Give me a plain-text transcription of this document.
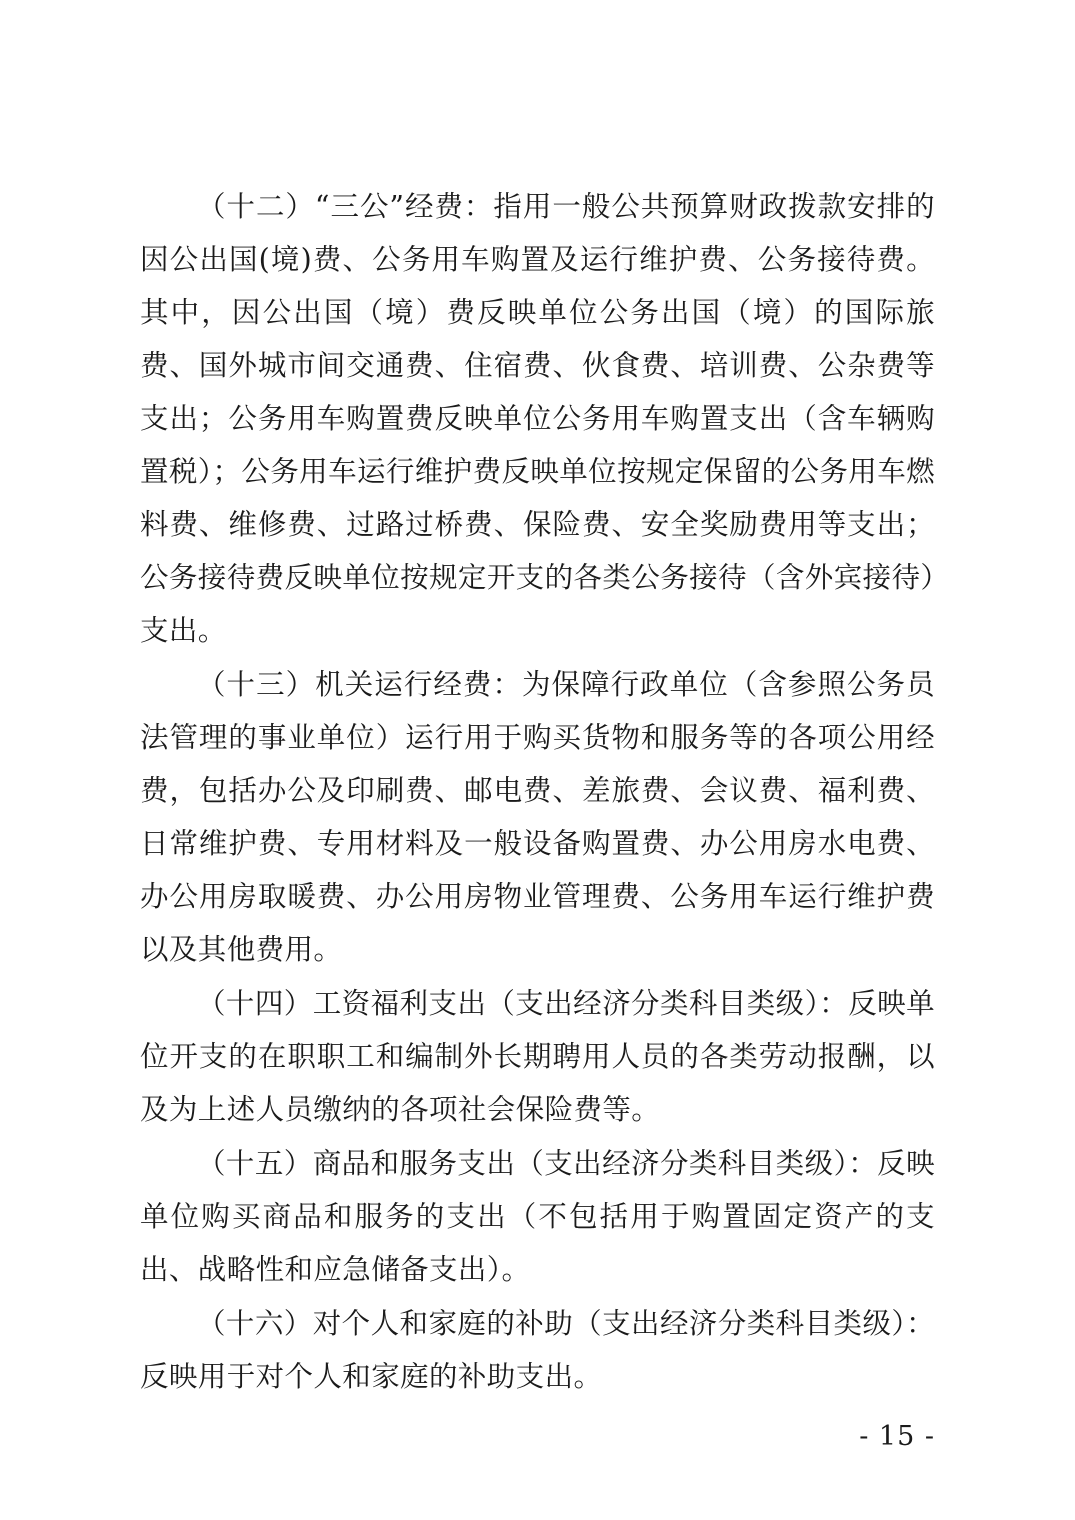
（十二）“三公”经费：指用一般公共预算财政拨款安排的因公出国(境)费、公务用车购置及运行维护费、公务接待费。其中，因公出国（境）费反映单位公务出国（境）的国际旅费、国外城市间交通费、住宿费、伙食费、培训费、公杂费等支出；公务用车购置费反映单位公务用车购置支出（含车辆购置税）；公务用车运行维护费反映单位按规定保留的公务用车燃料费、维修费、过路过桥费、保险费、安全奖励费用等支出；公务接待费反映单位按规定开支的各类公务接待（含外宾接待）支出。

（十三）机关运行经费：为保障行政单位（含参照公务员法管理的事业单位）运行用于购买货物和服务等的各项公用经费，包括办公及印刷费、邮电费、差旅费、会议费、福利费、日常维护费、专用材料及一般设备购置费、办公用房水电费、办公用房取暖费、办公用房物业管理费、公务用车运行维护费以及其他费用。

（十四）工资福利支出（支出经济分类科目类级）：反映单位开支的在职职工和编制外长期聘用人员的各类劳动报酬，以及为上述人员缴纳的各项社会保险费等。

（十五）商品和服务支出（支出经济分类科目类级）：反映单位购买商品和服务的支出（不包括用于购置固定资产的支出、战略性和应急储备支出）。

（十六）对个人和家庭的补助（支出经济分类科目类级）：反映用于对个人和家庭的补助支出。

- 15 -
